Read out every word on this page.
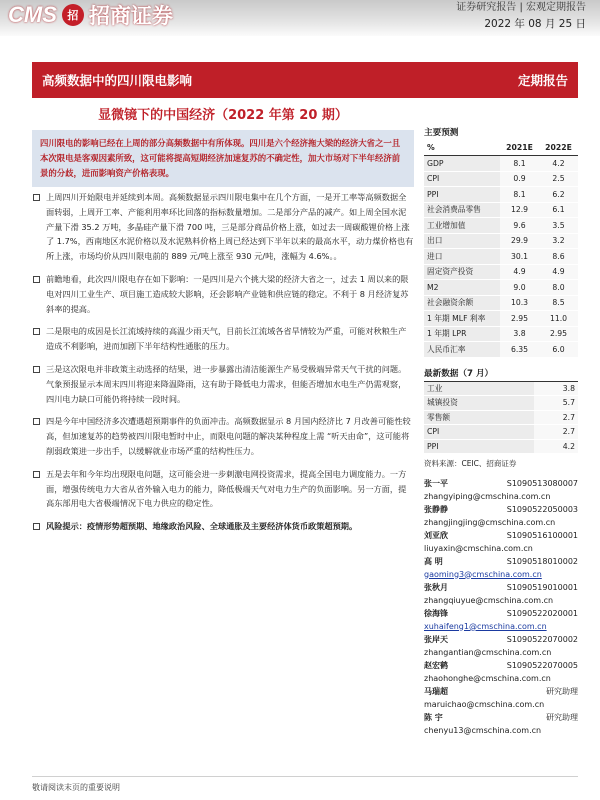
CMS 招 招商证券	证券研究报告 | 宏观定期报告
2022 年 08 月 25 日
高频数据中的四川限电影响	定期报告
显微镜下的中国经济（2022 年第 20 期）
四川限电的影响已经在上周的部分高频数据中有所体现。四川是六个经济拖大梁的经济大省之一且本次限电是客观因素所致，这可能将提高短期经济加速复苏的不确定性，加大市场对下半年经济前景的分歧，进而影响资产价格表现。
上周四川开始限电并延续到本周。高频数据显示四川限电集中在几个方面，一是开工率等高频数据全面转弱，上周开工率、产能利用率环比回落的指标数量增加。二是部分产品的减产。如上周全国水泥产量下滑 35.2 万吨，多晶硅产量下滑 700 吨，三是部分商品价格上涨，如过去一周碳酸锂价格上涨了 1.7%，西南地区水泥价格以及水泥熟料价格上周已经达到下半年以来的最高水平，动力煤价格也有所上涨，市场均价从四川限电前的 889 元/吨上涨至 930 元/吨，涨幅为 4.6%。。
前瞻地看，此次四川限电存在如下影响：一是四川是六个挑大梁的经济大省之一，过去 1 周以来的限电对四川工业生产、项目施工造成较大影响，还会影响产业链和供应链的稳定。不利于 8 月经济复苏斜率的提高。
二是限电的成因是长江流域持续的高温少雨天气，目前长江流域各省旱情较为严重，可能对秋粮生产造成不利影响，进而加剧下半年结构性通胀的压力。
三是这次限电并非政策主动选择的结果，进一步暴露出清洁能源生产易受极端异常天气干扰的问题。气象预报显示本周末四川将迎来降温降雨，这有助于降低电力需求，但能否增加水电生产仍需观察，四川电力缺口可能仍将持续一段时间。
四是今年中国经济多次遭遇超预期事件的负面冲击。高频数据显示 8 月国内经济比 7 月改善可能性较高，但加速复苏的趋势被四川限电暂时中止，而限电问题的解决某种程度上需 “听天由命”，这可能将削弱政策进一步出手，以缓解就业市场严重的结构性压力。
五是去年和今年均出现限电问题，这可能会进一步刺激电网投资需求，提高全国电力调度能力。一方面，增强传统电力大省从省外输入电力的能力，降低极端天气对电力生产的负面影响。另一方面，提高东部用电大省极端情况下电力供应的稳定性。
风险提示：疫情形势超预期、地缘政治风险、全球通胀及主要经济体货币政策超预期。
主要预测
%	2021E	2022E
GDP	8.1	4.2
CPI	0.9	2.5
PPI	8.1	6.2
社会消费品零售	12.9	6.1
工业增加值	9.6	3.5
出口	29.9	3.2
进口	30.1	8.6
固定资产投资	4.9	4.9
M2	9.0	8.0
社会融资余额	10.3	8.5
1 年期 MLF 利率	2.95	11.0
1 年期 LPR	3.8	2.95
人民币汇率	6.35	6.0
最新数据（7 月）
工业	3.8
城镇投资	5.7
零售额	2.7
CPI	2.7
PPI	4.2
资料来源：CEIC、招商证券
张一平	S1090513080007
zhangyiping@cmschina.com.cn
张静静	S1090522050003
zhangjingjing@cmschina.com.cn
刘亚欣	S1090516100001
liuyaxin@cmschina.com.cn
高 明	S1090518010002
gaoming3@cmschina.com.cn
张秋月	S1090519010001
zhangqiuyue@cmschina.com.cn
徐海锋	S1090522020001
xuhaifeng1@cmschina.com.cn
张岸天	S1090522070002
zhangantian@cmschina.com.cn
赵宏鹤	S1090522070005
zhaohonghe@cmschina.com.cn
马瑞超	研究助理
maruichao@cmschina.com.cn
陈 宇	研究助理
chenyu13@cmschina.com.cn
敬请阅读末页的重要说明
